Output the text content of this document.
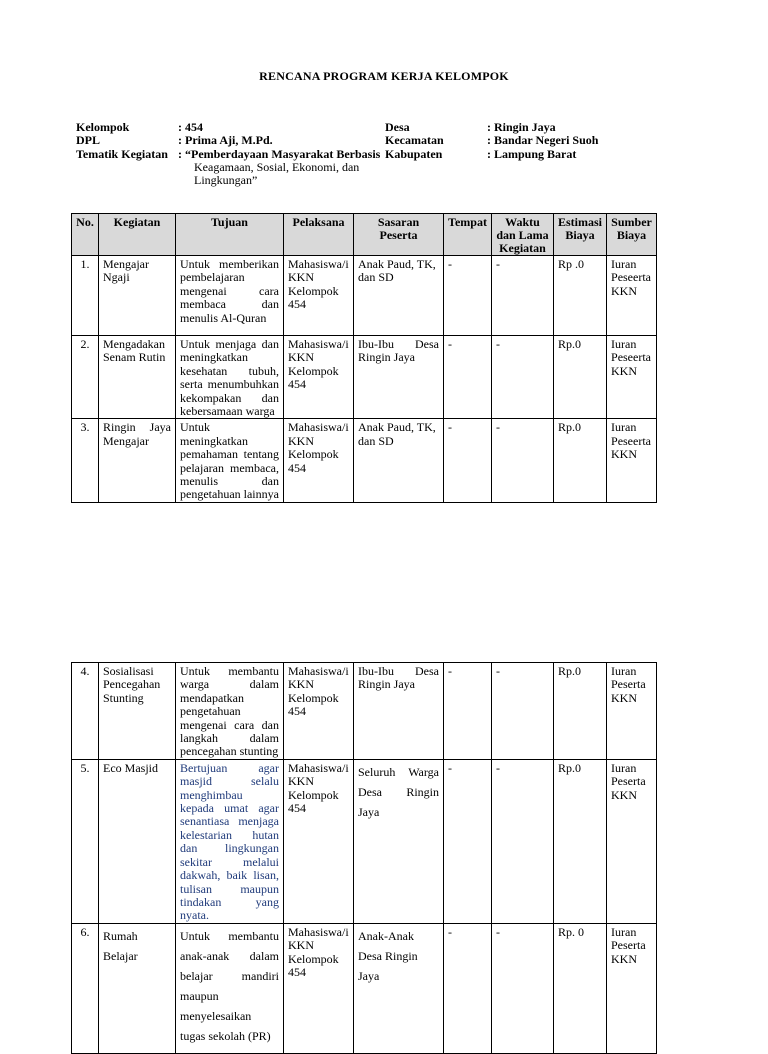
RENCANA PROGRAM KERJA KELOMPOK
Kelompok	: 454
DPL	: Prima Aji, M.Pd.
Tematik Kegiatan : “Pemberdayaan Masyarakat Berbasis
Keagamaan, Sosial, Ekonomi, dan
Lingkungan”
Desa	: Ringin Jaya
Kecamatan	: Bandar Negeri Suoh
Kabupaten	: Lampung Barat
No.	Kegiatan	Tujuan	Pelaksana	Sasaran Peserta	Tempat	Waktu dan Lama Kegiatan	Estimasi Biaya	Sumber Biaya
1.	Mengajar Ngaji	Untuk memberikan pembelajaran mengenai cara membaca dan menulis Al-Quran	Mahasiswa/i KKN Kelompok 454	Anak Paud, TK, dan SD	-	-	Rp .0	Iuran Peseerta KKN
2.	Mengadakan Senam Rutin	Untuk menjaga dan meningkatkan kesehatan tubuh, serta menumbuhkan kekompakan dan kebersamaan warga	Mahasiswa/i KKN Kelompok 454	Ibu-Ibu Desa Ringin Jaya	-	-	Rp.0	Iuran Peseerta KKN
3.	Ringin Jaya Mengajar	Untuk meningkatkan pemahaman tentang pelajaran membaca, menulis dan pengetahuan lainnya	Mahasiswa/i KKN Kelompok 454	Anak Paud, TK, dan SD	-	-	Rp.0	Iuran Peseerta KKN
4.	Sosialisasi Pencegahan Stunting	Untuk membantu warga dalam mendapatkan pengetahuan mengenai cara dan langkah dalam pencegahan stunting	Mahasiswa/i KKN Kelompok 454	Ibu-Ibu Desa Ringin Jaya	-	-	Rp.0	Iuran Peserta KKN
5.	Eco Masjid	Bertujuan agar masjid selalu menghimbau kepada umat agar senantiasa menjaga kelestarian hutan dan lingkungan sekitar melalui dakwah, baik lisan, tulisan maupun tindakan yang nyata.	Mahasiswa/i KKN Kelompok 454	Seluruh Warga Desa Ringin Jaya	-	-	Rp.0	Iuran Peserta KKN
6.	Rumah Belajar	Untuk membantu anak-anak dalam belajar mandiri maupun menyelesaikan tugas sekolah (PR)	Mahasiswa/i KKN Kelompok 454	Anak-Anak Desa Ringin Jaya	-	-	Rp. 0	Iuran Peserta KKN
